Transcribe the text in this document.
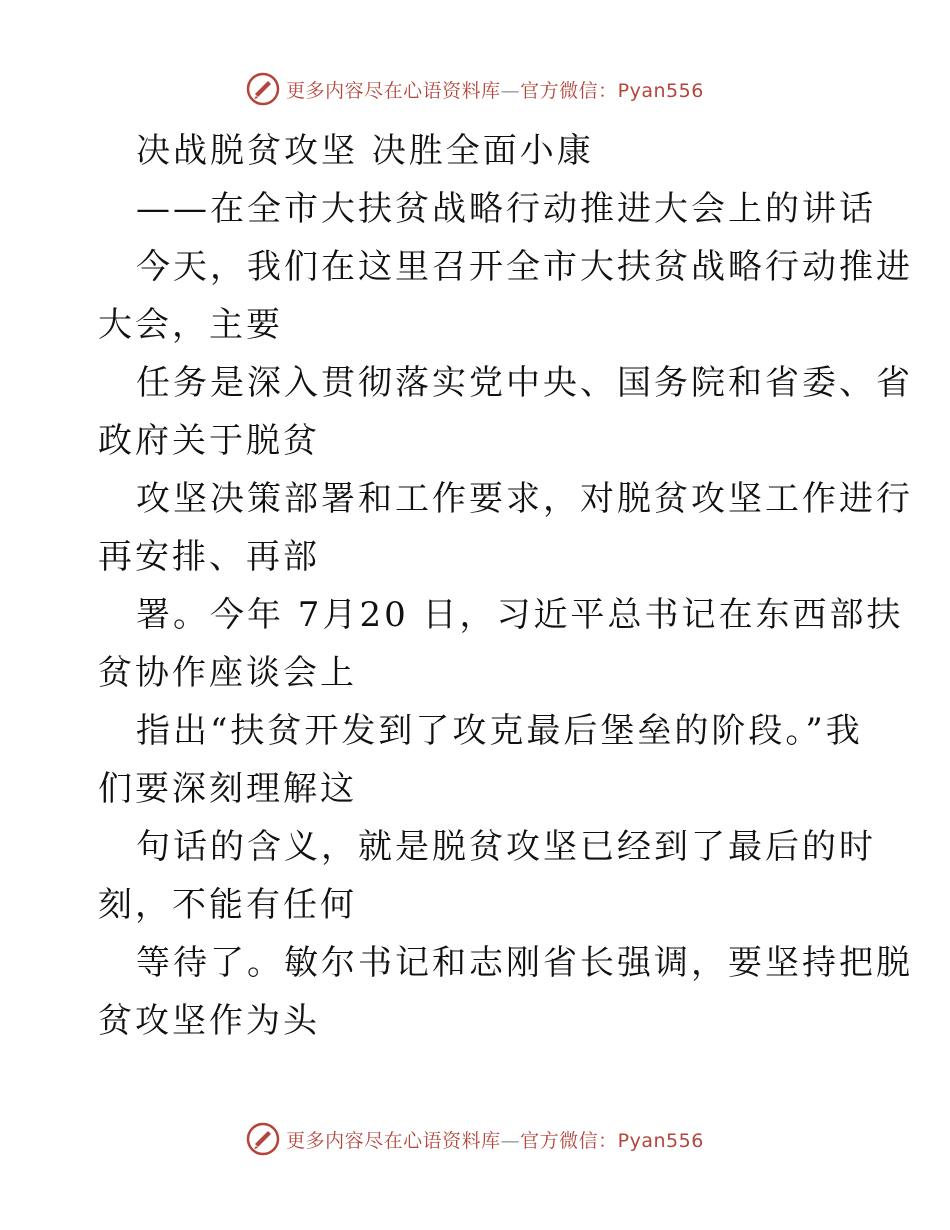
更多内容尽在心语资料库—官方微信：Pyan556
决战脱贫攻坚 决胜全面小康
——在全市大扶贫战略行动推进大会上的讲话
今天，我们在这里召开全市大扶贫战略行动推进
大会，主要
任务是深入贯彻落实党中央、国务院和省委、省
政府关于脱贫
攻坚决策部署和工作要求，对脱贫攻坚工作进行
再安排、再部
署。今年 7月20 日，习近平总书记在东西部扶
贫协作座谈会上
指出“扶贫开发到了攻克最后堡垒的阶段。”我
们要深刻理解这
句话的含义，就是脱贫攻坚已经到了最后的时
刻，不能有任何
等待了。敏尔书记和志刚省长强调，要坚持把脱
贫攻坚作为头
更多内容尽在心语资料库—官方微信：Pyan556
